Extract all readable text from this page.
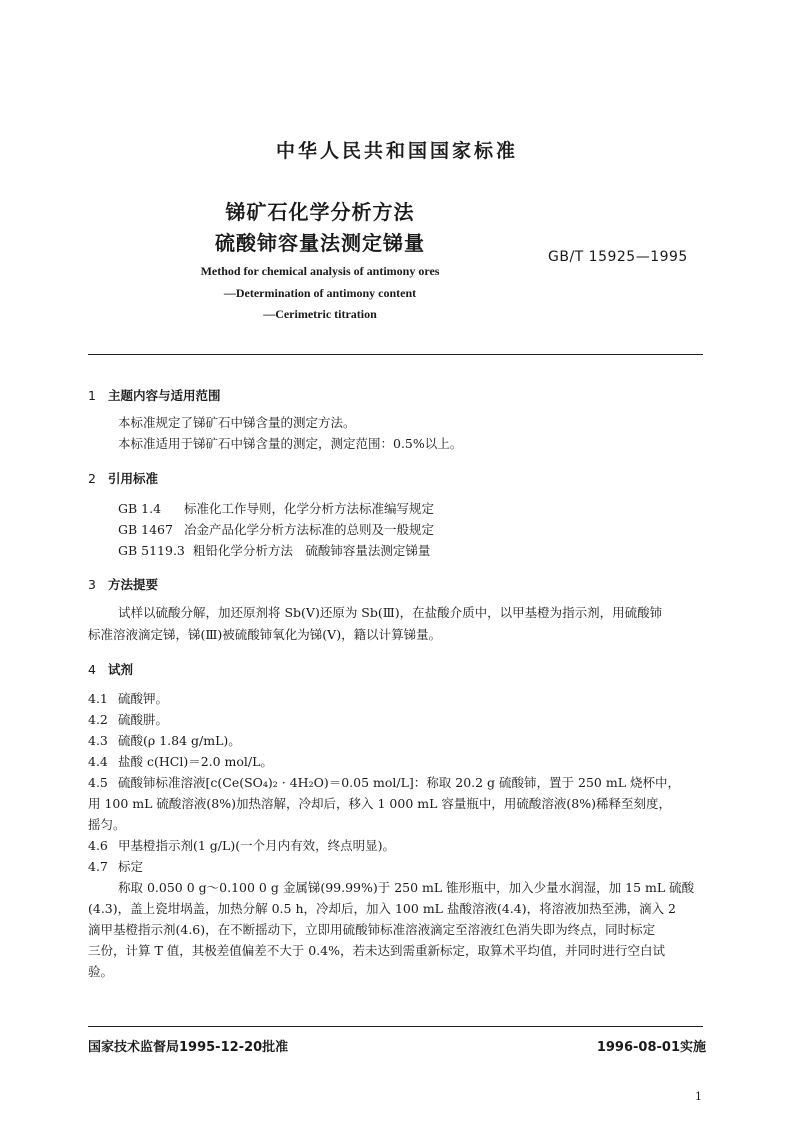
中华人民共和国国家标准
锑矿石化学分析方法
硫酸铈容量法测定锑量
GB/T 15925—1995
Method for chemical analysis of antimony ores
—Determination of antimony content
—Cerimetric titration
1 主题内容与适用范围
本标准规定了锑矿石中锑含量的测定方法。
本标准适用于锑矿石中锑含量的测定，测定范围：0.5%以上。
2 引用标准
GB 1.4 标准化工作导则，化学分析方法标准编写规定
GB 1467 冶金产品化学分析方法标准的总则及一般规定
GB 5119.3 粗铅化学分析方法　硫酸铈容量法测定锑量
3 方法提要
试样以硫酸分解，加还原剂将 Sb(Ⅴ)还原为 Sb(Ⅲ)，在盐酸介质中，以甲基橙为指示剂，用硫酸铈
标准溶液滴定锑，锑(Ⅲ)被硫酸铈氧化为锑(Ⅴ)，籍以计算锑量。
4 试剂
4.1 硫酸钾。
4.2 硫酸肼。
4.3 硫酸(ρ 1.84 g/mL)。
4.4 盐酸 c(HCl)＝2.0 mol/L。
4.5 硫酸铈标准溶液[c(Ce(SO₄)₂ · 4H₂O)＝0.05 mol/L]：称取 20.2 g 硫酸铈，置于 250 mL 烧杯中，
用 100 mL 硫酸溶液(8%)加热溶解，冷却后，移入 1 000 mL 容量瓶中，用硫酸溶液(8%)稀释至刻度，
摇匀。
4.6 甲基橙指示剂(1 g/L)(一个月内有效，终点明显)。
4.7 标定
称取 0.050 0 g～0.100 0 g 金属锑(99.99%)于 250 mL 锥形瓶中，加入少量水润湿，加 15 mL 硫酸
(4.3)，盖上瓷坩埚盖，加热分解 0.5 h，冷却后，加入 100 mL 盐酸溶液(4.4)，将溶液加热至沸，滴入 2
滴甲基橙指示剂(4.6)，在不断摇动下，立即用硫酸铈标准溶液滴定至溶液红色消失即为终点，同时标定
三份，计算 T 值，其极差值偏差不大于 0.4%，若未达到需重新标定，取算术平均值，并同时进行空白试
验。
国家技术监督局1995-12-20批准	1996-08-01实施
1
